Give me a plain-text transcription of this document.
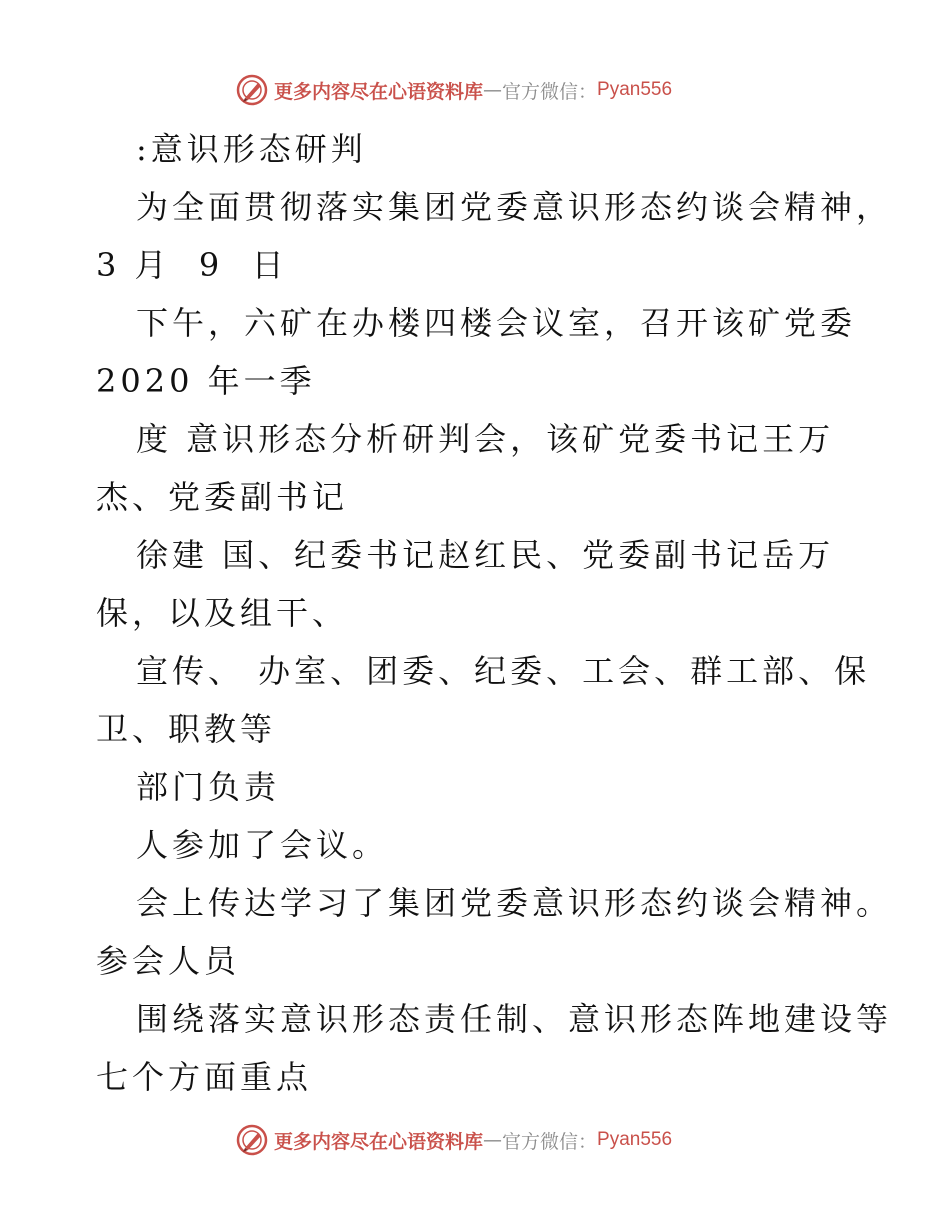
更多内容尽在心语资料库 — 官方微信： Pyan556
:意识形态研判
为全面贯彻落实集团党委意识形态约谈会精神，
3 月  9  日
下午，六矿在办楼四楼会议室，召开该矿党委
2020 年一季
度 意识形态分析研判会，该矿党委书记王万
杰、党委副书记
徐建 国、纪委书记赵红民、党委副书记岳万
保，以及组干、
宣传、 办室、团委、纪委、工会、群工部、保
卫、职教等
部门负责
人参加了会议。
会上传达学习了集团党委意识形态约谈会精神。
参会人员
围绕落实意识形态责任制、意识形态阵地建设等
七个方面重点
更多内容尽在心语资料库 — 官方微信： Pyan556
